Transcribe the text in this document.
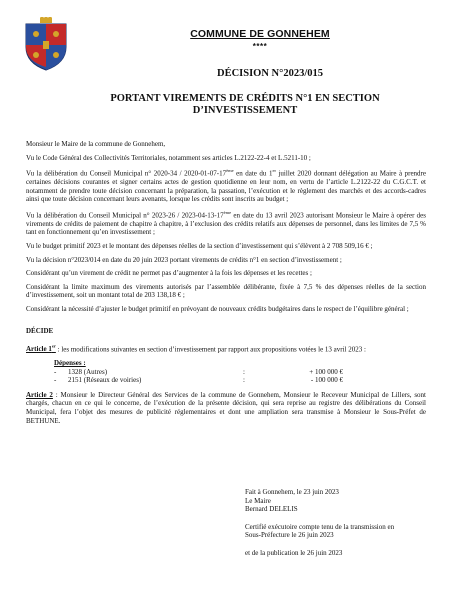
COMMUNE DE GONNEHEM
****
DÉCISION N°2023/015
PORTANT VIREMENTS DE CRÉDITS N°1 EN SECTION
D’INVESTISSEMENT

Monsieur le Maire de la commune de Gonnehem,

Vu le Code Général des Collectivités Territoriales, notamment ses articles L.2122-22-4 et L.5211-10 ;

Vu la délibération du Conseil Municipal n° 2020-34 / 2020-01-07-17ème en date du 1er juillet 2020 donnant délégation au Maire à prendre certaines décisions courantes et signer certains actes de gestion quotidienne en leur nom, en vertu de l’article L.2122-22 du C.G.C.T. et notamment de prendre toute décision concernant la préparation, la passation, l’exécution et le règlement des marchés et des accords-cadres ainsi que toute décision concernant leurs avenants, lorsque les crédits sont inscrits au budget ;

Vu la délibération du Conseil Municipal n° 2023-26 / 2023-04-13-17ème en date du 13 avril 2023 autorisant Monsieur le Maire à opérer des virements de crédits de paiement de chapitre à chapitre, à l’exclusion des crédits relatifs aux dépenses de personnel, dans les limites de 7,5 % tant en fonctionnement qu’en investissement ;

Vu le budget primitif 2023 et le montant des dépenses réelles de la section d’investissement qui s’élèvent à 2 708 509,16 € ;

Vu la décision n°2023/014 en date du 20 juin 2023 portant virements de crédits n°1 en section d’investissement ;

Considérant qu’un virement de crédit ne permet pas d’augmenter à la fois les dépenses et les recettes ;

Considérant la limite maximum des virements autorisés par l’assemblée délibérante, fixée à 7,5 % des dépenses réelles de la section d’investissement, soit un montant total de 203 138,18 € ;

Considérant la nécessité d’ajuster le budget primitif en prévoyant de nouveaux crédits budgétaires dans le respect de l’équilibre général ;

DÉCIDE

Article 1er : les modifications suivantes en section d’investissement par rapport aux propositions votées le 13 avril 2023 :

Dépenses :
-	1328 (Autres)	:	+ 100 000 €
-	2151 (Réseaux de voiries)	:	- 100 000 €

Article 2 : Monsieur le Directeur Général des Services de la commune de Gonnehem, Monsieur le Receveur Municipal de Lillers, sont chargés, chacun en ce qui le concerne, de l’exécution de la présente décision, qui sera reprise au registre des délibérations du Conseil Municipal, fera l’objet des mesures de publicité réglementaires et dont une ampliation sera transmise à Monsieur le Sous-Préfet de BETHUNE.

Fait à Gonnehem, le 23 juin 2023
Le Maire
Bernard DELELIS
Certifié exécutoire compte tenu de la transmission en
Sous-Préfecture le 26 juin 2023
et de la publication le 26 juin 2023
